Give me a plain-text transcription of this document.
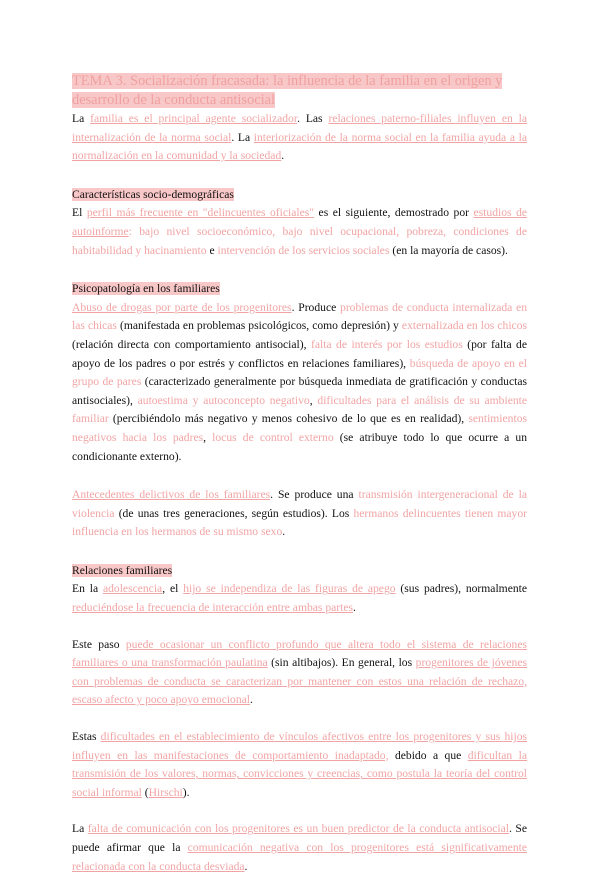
TEMA 3. Socialización fracasada: la influencia de la familia en el origen y
desarrollo de la conducta antisocial

La familia es el principal agente socializador. Las relaciones paterno-filiales influyen en la internalización de la norma social. La interiorización de la norma social en la familia ayuda a la normalización en la comunidad y la sociedad.

Características socio-demográficas

El perfil más frecuente en "delincuentes oficiales" es el siguiente, demostrado por estudios de autoinforme: bajo nivel socioeconómico, bajo nivel ocupacional, pobreza, condiciones de habitabilidad y hacinamiento e intervención de los servicios sociales (en la mayoría de casos).

Psicopatología en los familiares

Abuso de drogas por parte de los progenitores. Produce problemas de conducta internalizada en las chicas (manifestada en problemas psicológicos, como depresión) y externalizada en los chicos (relación directa con comportamiento antisocial), falta de interés por los estudios (por falta de apoyo de los padres o por estrés y conflictos en relaciones familiares), búsqueda de apoyo en el grupo de pares (caracterizado generalmente por búsqueda inmediata de gratificación y conductas antisociales), autoestima y autoconcepto negativo, dificultades para el análisis de su ambiente familiar (percibiéndolo más negativo y menos cohesivo de lo que es en realidad), sentimientos negativos hacia los padres, locus de control externo (se atribuye todo lo que ocurre a un condicionante externo).

Antecedentes delictivos de los familiares. Se produce una transmisión intergeneracional de la violencia (de unas tres generaciones, según estudios). Los hermanos delincuentes tienen mayor influencia en los hermanos de su mismo sexo.

Relaciones familiares

En la adolescencia, el hijo se independiza de las figuras de apego (sus padres), normalmente reduciéndose la frecuencia de interacción entre ambas partes.

Este paso puede ocasionar un conflicto profundo que altera todo el sistema de relaciones familiares o una transformación paulatina (sin altibajos). En general, los progenitores de jóvenes con problemas de conducta se caracterizan por mantener con estos una relación de rechazo, escaso afecto y poco apoyo emocional.

Estas dificultades en el establecimiento de vínculos afectivos entre los progenitores y sus hijos influyen en las manifestaciones de comportamiento inadaptado, debido a que dificultan la transmisión de los valores, normas, convicciones y creencias, como postula la teoría del control social informal (Hirschi).

La falta de comunicación con los progenitores es un buen predictor de la conducta antisocial. Se puede afirmar que la comunicación negativa con los progenitores está significativamente relacionada con la conducta desviada.
